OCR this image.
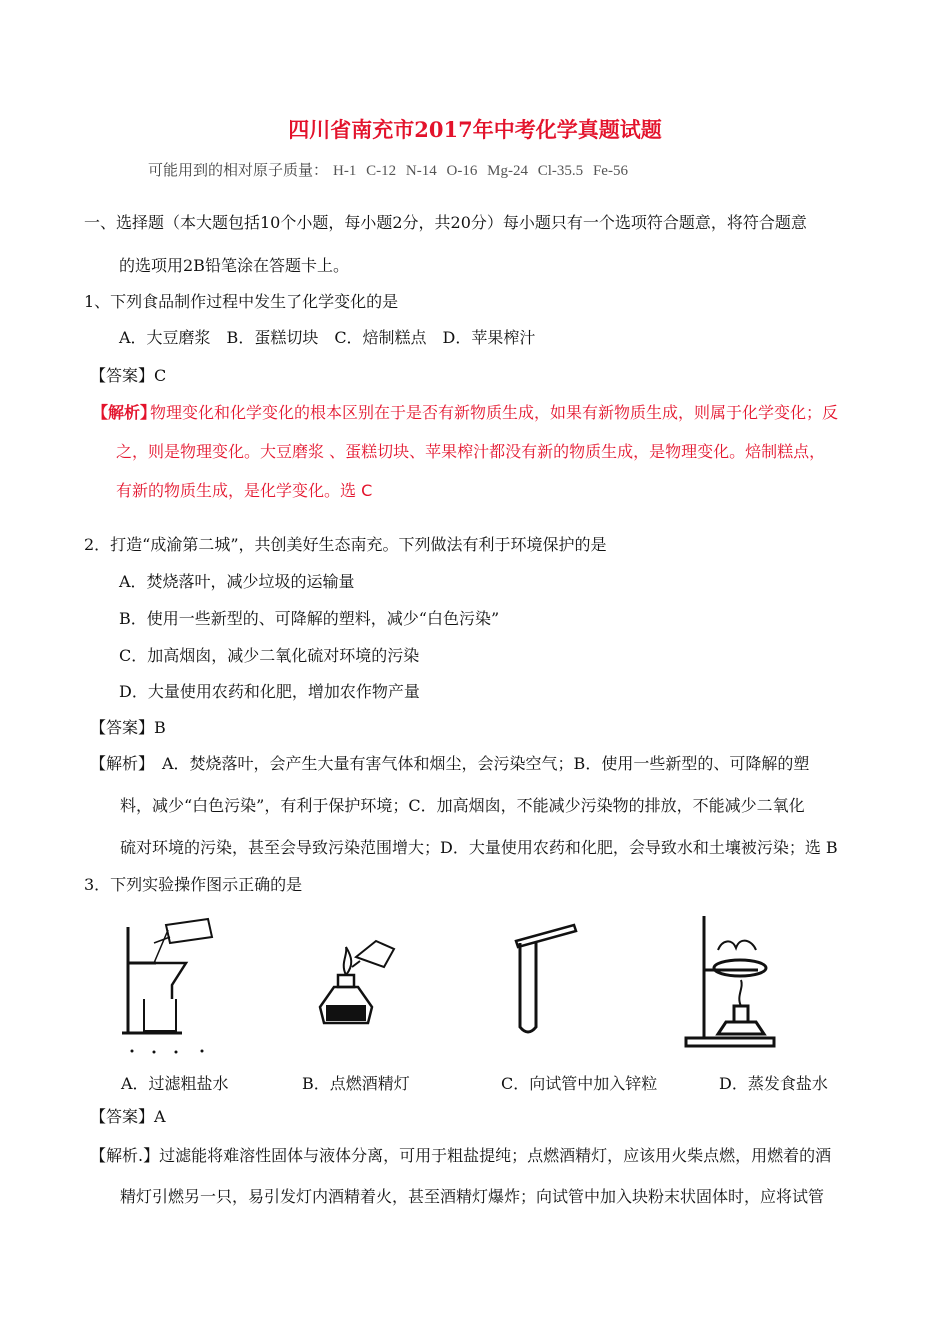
四川省南充市2017年中考化学真题试题
可能用到的相对原子质量： H-1 C-12 N-14 O-16 Mg-24 Cl-35.5 Fe-56
一、选择题（本大题包括10个小题，每小题2分，共20分）每小题只有一个选项符合题意，将符合题意
的选项用2B铅笔涂在答题卡上。
1、下列食品制作过程中发生了化学变化的是
A．大豆磨浆　B．蛋糕切块　C．焙制糕点　D．苹果榨汁
【答案】C
【解析】
物理变化和化学变化的根本区别在于是否有新物质生成，如果有新物质生成，则属于化学变化；反
之，则是物理变化。大豆磨浆 、蛋糕切块、苹果榨汁都没有新的物质生成，是物理变化。焙制糕点，
有新的物质生成，是化学变化。选 C
2．打造“成渝第二城”，共创美好生态南充。下列做法有利于环境保护的是
A．焚烧落叶，减少垃圾的运输量
B．使用一些新型的、可降解的塑料，减少“白色污染”
C．加高烟囱，减少二氧化硫对环境的污染
D．大量使用农药和化肥，增加农作物产量
【答案】B
【解析】　A．焚烧落叶，会产生大量有害气体和烟尘，会污染空气；B．使用一些新型的、可降解的塑
料，减少“白色污染”，有利于保护环境；C．加高烟囱，不能减少污染物的排放，不能减少二氧化
硫对环境的污染，甚至会导致污染范围增大；D．大量使用农药和化肥，会导致水和土壤被污染；选 B
3．下列实验操作图示正确的是
A．过滤粗盐水	B．点燃酒精灯	C．向试管中加入锌粒	D．蒸发食盐水
【答案】A
【解析.】过滤能将难溶性固体与液体分离，可用于粗盐提纯；点燃酒精灯，应该用火柴点燃，用燃着的酒
精灯引燃另一只，易引发灯内酒精着火，甚至酒精灯爆炸；向试管中加入块粉末状固体时，应将试管
